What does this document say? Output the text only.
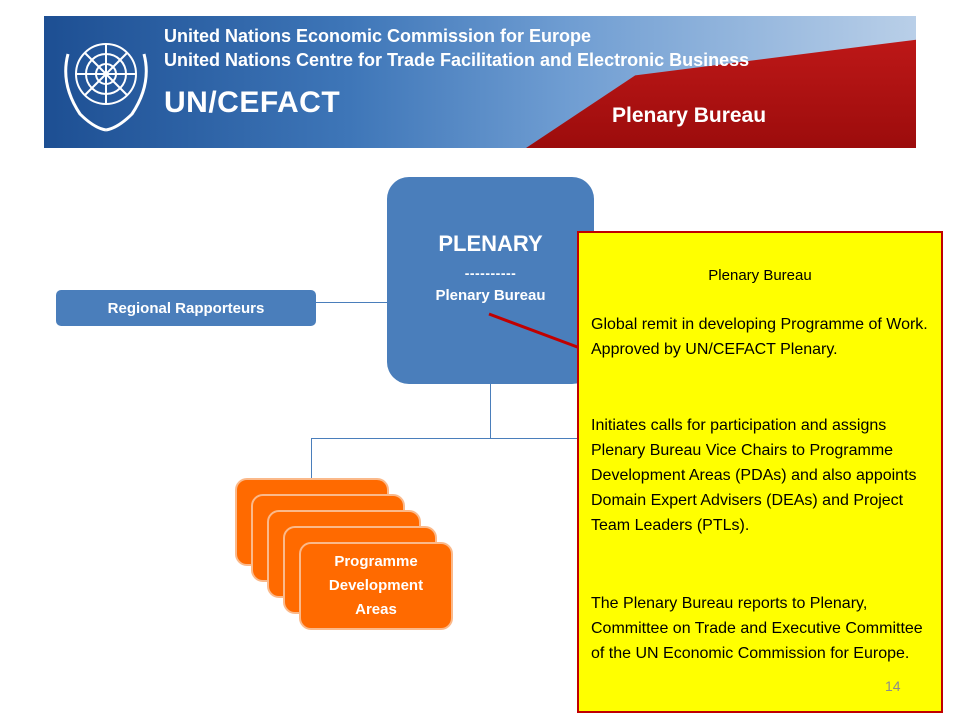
United Nations Economic Commission for Europe
United Nations Centre for Trade Facilitation and Electronic Business
UN/CEFACT	Plenary Bureau
PLENARY
----------
Plenary Bureau
Regional Rapporteurs
Programme Development Areas
Plenary Bureau
Global remit in developing Programme of Work. Approved by UN/CEFACT Plenary.
Initiates calls for participation and assigns Plenary Bureau Vice Chairs to Programme Development Areas (PDAs) and also appoints Domain Expert Advisers (DEAs) and Project Team Leaders (PTLs).
The Plenary Bureau reports to Plenary, Committee on Trade and Executive Committee of the UN Economic Commission for Europe.
14
